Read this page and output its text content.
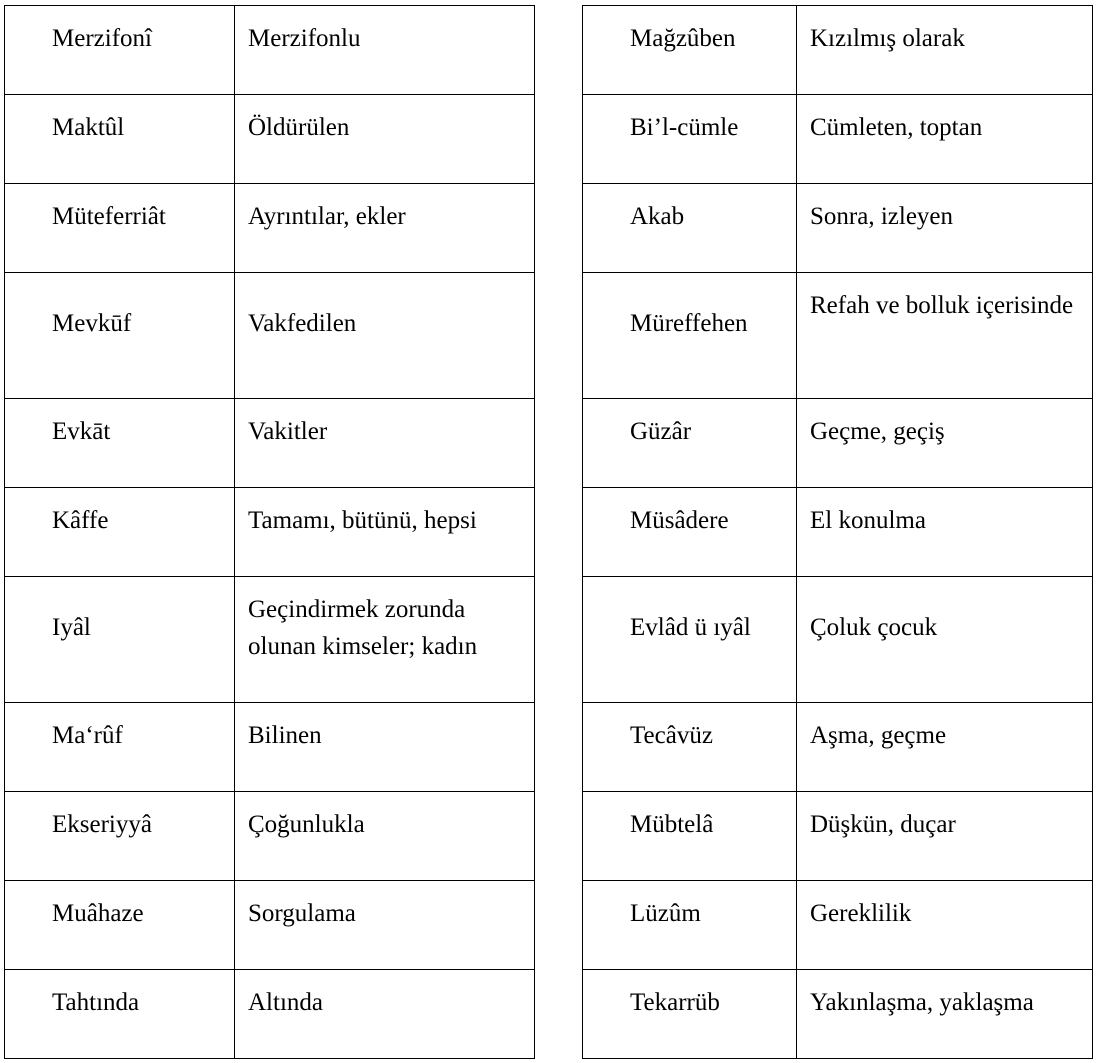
Merzifonî	Merzifonlu
Maktûl	Öldürülen
Müteferriât	Ayrıntılar, ekler
Mevkūf	Vakfedilen
Evkāt	Vakitler
Kâffe	Tamamı, bütünü, hepsi
Iyâl	Geçindirmek zorunda olunan kimseler; kadın
Ma‘rûf	Bilinen
Ekseriyyâ	Çoğunlukla
Muâhaze	Sorgulama
Tahtında	Altında
Mağzûben	Kızılmış olarak
Bi’l-cümle	Cümleten, toptan
Akab	Sonra, izleyen
Müreffehen	Refah ve bolluk içerisinde
Güzâr	Geçme, geçiş
Müsâdere	El konulma
Evlâd ü ıyâl	Çoluk çocuk
Tecâvüz	Aşma, geçme
Mübtelâ	Düşkün, duçar
Lüzûm	Gereklilik
Tekarrüb	Yakınlaşma, yaklaşma
